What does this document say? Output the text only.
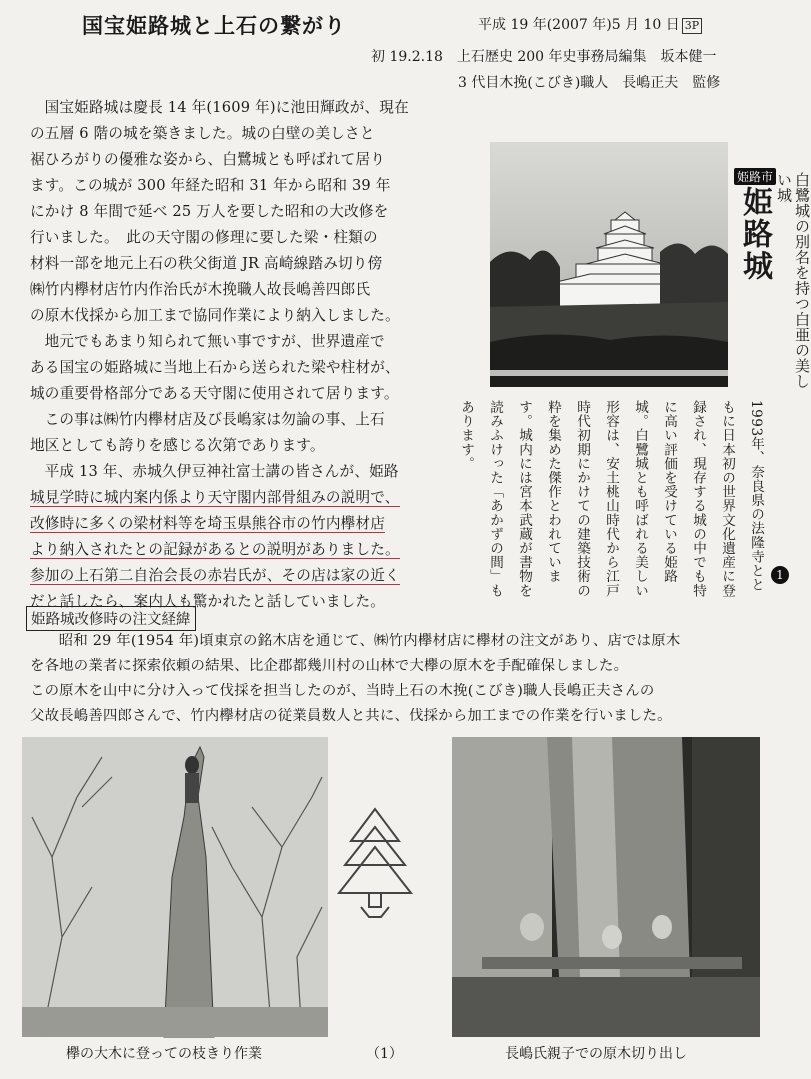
国宝姫路城と上石の繋がり	平成 19 年(2007 年)5 月 10 日 3P
初 19.2.18　上石歴史 200 年史事務局編集　坂本健一
3 代目木挽(こびき)職人　長嶋正夫　監修

国宝姫路城は慶長 14 年(1609 年)に池田輝政が、現在

の五層 6 階の城を築きました。城の白壁の美しさと
裾ひろがりの優雅な姿から、白鷺城とも呼ばれて居り
ます。この城が 300 年経た昭和 31 年から昭和 39 年
にかけ 8 年間で延べ 25 万人を要した昭和の大改修を
行いました。　此の天守閣の修理に要した梁・柱類の
材料一部を地元上石の秩父街道 JR 高崎線踏み切り傍
㈱竹内欅材店竹内作治氏が木挽職人故長嶋善四郎氏
の原木伐採から加工まで協同作業により納入しました。

地元でもあまり知られて無い事ですが、世界遺産で

ある国宝の姫路城に当地上石から送られた梁や柱材が、
城の重要骨格部分である天守閣に使用されて居ります。

この事は㈱竹内欅材店及び長嶋家は勿論の事、上石

地区としても誇りを感じる次第であります。

平成 13 年、赤城久伊豆神社富士講の皆さんが、姫路

城見学時に城内案内係より天守閣内部骨組みの説明で、
改修時に多くの梁材料等を埼玉県熊谷市の竹内欅材店
より納入されたとの記録があるとの説明がありました。
参加の上石第二自治会長の赤岩氏が、その店は家の近く
だと話したら、案内人も驚かれたと話していました。
姫路市
姫路城	白鷺城の別名を持つ白亜の美しい城
1993年、奈良県の法隆寺とともに日本初の世界文化遺産に登録され、現存する城の中でも特に高い評価を受けている姫路城。白鷺城とも呼ばれる美しい形容は、安土桃山時代から江戸時代初期にかけての建築技術の粋を集めた傑作とわれています。城内には宮本武蔵が書物を読みふけった「あかずの間」もあります。
1
姫路城改修時の注文経緯
昭和 29 年(1954 年)頃東京の銘木店を通じて、㈱竹内欅材店に欅材の注文があり、店では原木
を各地の業者に探索依頼の結果、比企郡都幾川村の山林で大欅の原木を手配確保しました。
この原木を山中に分け入って伐採を担当したのが、当時上石の木挽(こびき)職人長嶋正夫さんの
父故長嶋善四郎さんで、竹内欅材店の従業員数人と共に、伐採から加工までの作業を行いました。
欅の大木に登っての枝きり作業	（1）	長嶋氏親子での原木切り出し
